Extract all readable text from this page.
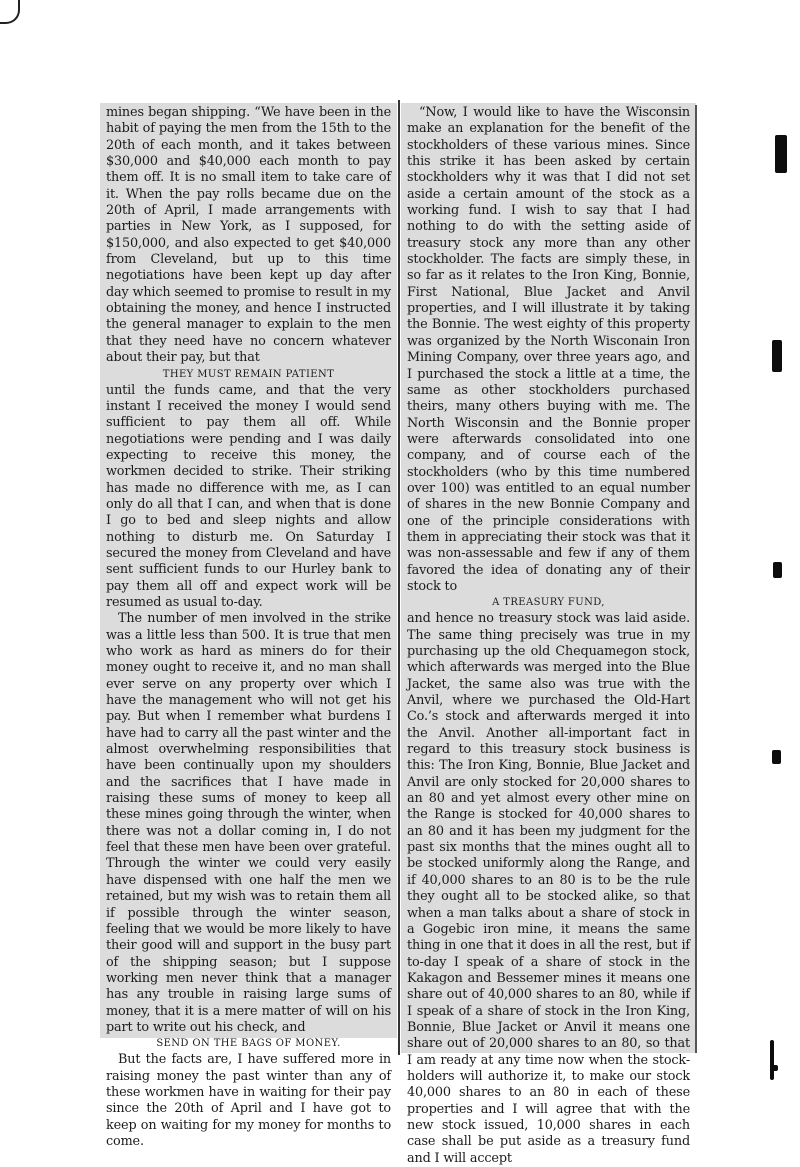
mines began shipping. “We have been in the habit of paying the men from the 15th to the 20th of each month, and it takes between $30,000 and $40,000 each month to pay them off. It is no small item to take care of it. When the pay rolls became due on the 20th of April, I made arrangements with parties in New York, as I supposed, for $150,000, and also expected to get $40,000 from Cleveland, but up to this time negotiations have been kept up day after day which seemed to promise to result in my obtaining the money, and hence I instructed the general manager to explain to the men that they need have no concern whatever about their pay, but that

THEY MUST REMAIN PATIENT

until the funds came, and that the very instant I received the money I would send sufficient to pay them all off. While negotiations were pending and I was daily expecting to receive this money, the workmen decided to strike. Their striking has made no difference with me, as I can only do all that I can, and when that is done I go to bed and sleep nights and allow nothing to disturb me. On Saturday I secured the money from Cleveland and have sent sufficient funds to our Hurley bank to pay them all off and expect work will be resumed as usual to-day.

The number of men involved in the strike was a little less than 500. It is true that men who work as hard as miners do for their money ought to receive it, and no man shall ever serve on any property over which I have the management who will not get his pay. But when I remember what burdens I have had to carry all the past winter and the almost overwhelming responsibilities that have been continually upon my shoulders and the sacrifices that I have made in raising these sums of money to keep all these mines going through the winter, when there was not a dollar coming in, I do not feel that these men have been over grateful. Through the winter we could very easily have dispensed with one half the men we retained, but my wish was to retain them all if possible through the winter season, feeling that we would be more likely to have their good will and support in the busy part of the shipping season; but I suppose working men never think that a manager has any trouble in raising large sums of money, that it is a mere matter of will on his part to write out his check, and

SEND ON THE BAGS OF MONEY.

But the facts are, I have suffered more in raising money the past winter than any of these workmen have in waiting for their pay since the 20th of April and I have got to keep on waiting for my money for months to come.

“Now, I would like to have the Wisconsin make an explanation for the benefit of the stockholders of these various mines. Since this strike it has been asked by certain stockholders why it was that I did not set aside a certain amount of the stock as a working fund. I wish to say that I had nothing to do with the setting aside of treasury stock any more than any other stockholder. The facts are simply these, in so far as it relates to the Iron King, Bonnie, First National, Blue Jacket and Anvil properties, and I will illustrate it by taking the Bonnie. The west eighty of this property was organized by the North Wisconain Iron Mining Company, over three years ago, and I purchased the stock a little at a time, the same as other stockholders purchased theirs, many others buying with me. The North Wisconsin and the Bonnie proper were afterwards consolidated into one company, and of course each of the stockholders (who by this time numbered over 100) was entitled to an equal number of shares in the new Bonnie Company and one of the principle considerations with them in appreciating their stock was that it was non-assessable and few if any of them favored the idea of donating any of their stock to

A TREASURY FUND,

and hence no treasury stock was laid aside. The same thing precisely was true in my purchasing up the old Chequamegon stock, which afterwards was merged into the Blue Jacket, the same also was true with the Anvil, where we purchased the Old-Hart Co.’s stock and afterwards merged it into the Anvil. Another all-important fact in regard to this treasury stock business is this: The Iron King, Bonnie, Blue Jacket and Anvil are only stocked for 20,000 shares to an 80 and yet almost every other mine on the Range is stocked for 40,000 shares to an 80 and it has been my judgment for the past six months that the mines ought all to be stocked uniformly along the Range, and if 40,000 shares to an 80 is to be the rule they ought all to be stocked alike, so that when a man talks about a share of stock in a Gogebic iron mine, it means the same thing in one that it does in all the rest, but if to-day I speak of a share of stock in the Kakagon and Bessemer mines it means one share out of 40,000 shares to an 80, while if I speak of a share of stock in the Iron King, Bonnie, Blue Jacket or Anvil it means one share out of 20,000 shares to an 80, so that I am ready at any time now when the stock-holders will authorize it, to make our stock 40,000 shares to an 80 in each of these properties and I will agree that with the new stock issued, 10,000 shares in each case shall be put aside as a treasury fund and I will accept
